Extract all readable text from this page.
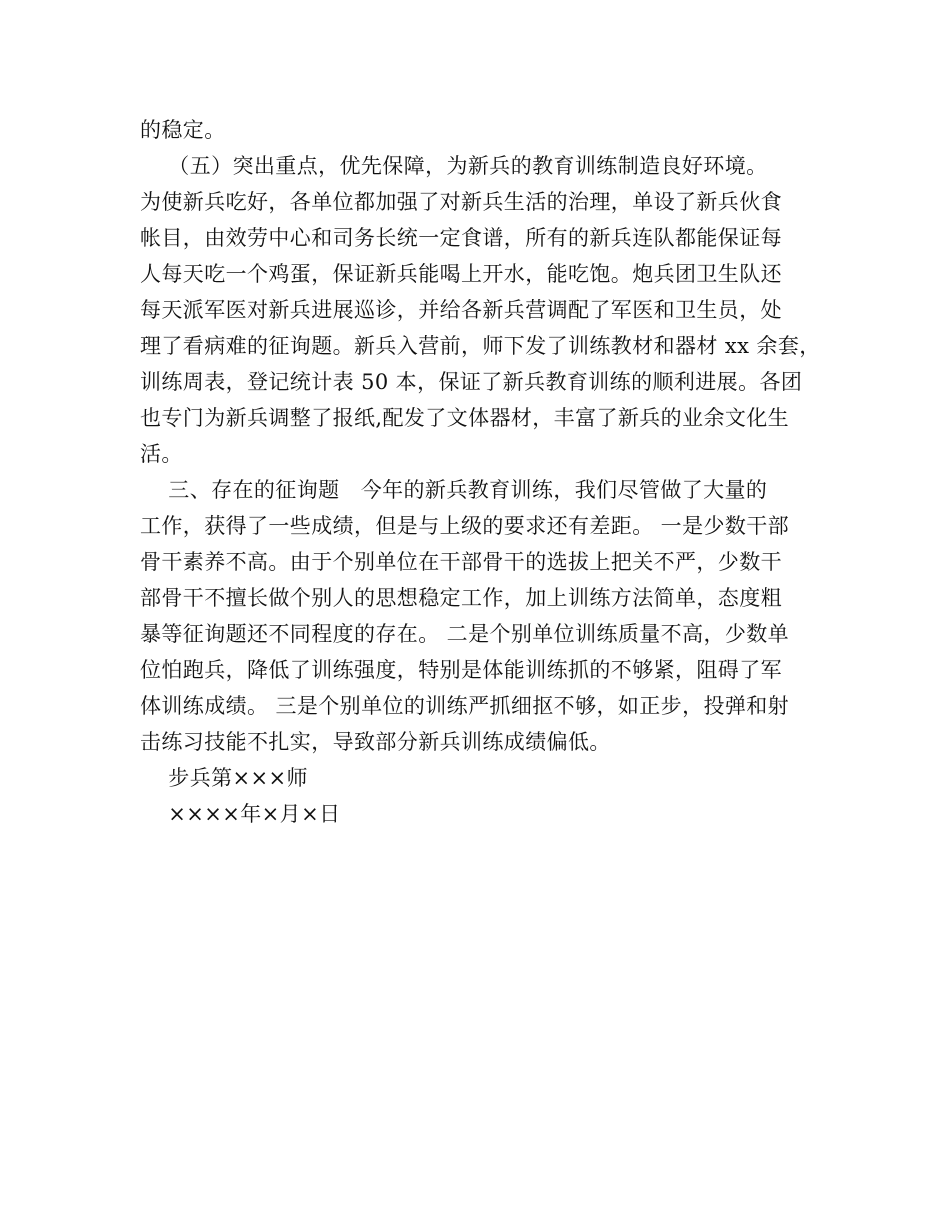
的稳定。
（五）突出重点，优先保障，为新兵的教育训练制造良好环境。
为使新兵吃好，各单位都加强了对新兵生活的治理，单设了新兵伙食
帐目，由效劳中心和司务长统一定食谱，所有的新兵连队都能保证每
人每天吃一个鸡蛋，保证新兵能喝上开水，能吃饱。炮兵团卫生队还
每天派军医对新兵进展巡诊，并给各新兵营调配了军医和卫生员，处
理了看病难的征询题。新兵入营前，师下发了训练教材和器材 xx 余套，
训练周表，登记统计表 50 本，保证了新兵教育训练的顺利进展。各团
也专门为新兵调整了报纸,配发了文体器材，丰富了新兵的业余文化生
活。
三、存在的征询题   今年的新兵教育训练，我们尽管做了大量的
工作，获得了一些成绩，但是与上级的要求还有差距。 一是少数干部
骨干素养不高。由于个别单位在干部骨干的选拔上把关不严，少数干
部骨干不擅长做个别人的思想稳定工作，加上训练方法简单，态度粗
暴等征询题还不同程度的存在。 二是个别单位训练质量不高，少数单
位怕跑兵，降低了训练强度，特别是体能训练抓的不够紧，阻碍了军
体训练成绩。 三是个别单位的训练严抓细抠不够，如正步，投弹和射
击练习技能不扎实，导致部分新兵训练成绩偏低。
步兵第×××师
××××年×月×日
